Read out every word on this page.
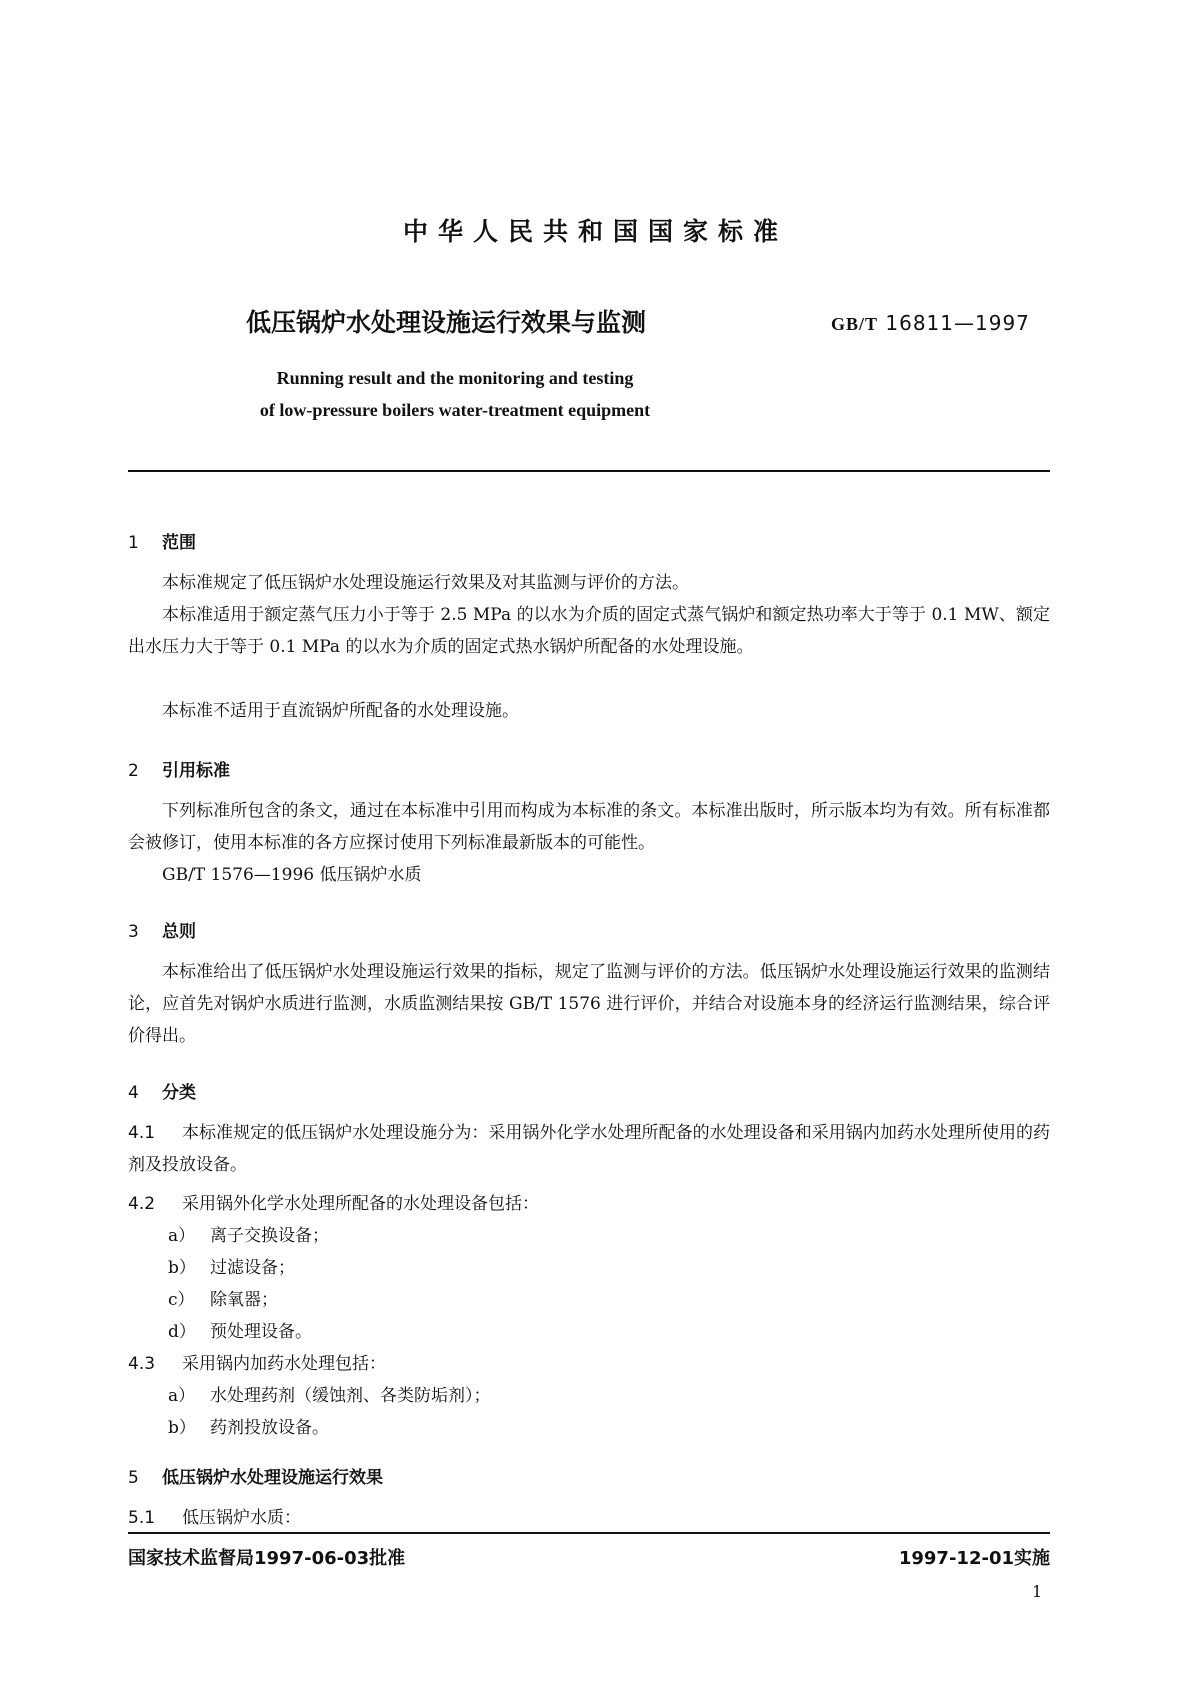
中华人民共和国国家标准
低压锅炉水处理设施运行效果与监测	GB/T 16811—1997
Running result and the monitoring and testing
of low-pressure boilers water-treatment equipment
1 范围
本标准规定了低压锅炉水处理设施运行效果及对其监测与评价的方法。
本标准适用于额定蒸气压力小于等于 2.5 MPa 的以水为介质的固定式蒸气锅炉和额定热功率大于等于 0.1 MW、额定出水压力大于等于 0.1 MPa 的以水为介质的固定式热水锅炉所配备的水处理设施。
本标准不适用于直流锅炉所配备的水处理设施。
2 引用标准
下列标准所包含的条文，通过在本标准中引用而构成为本标准的条文。本标准出版时，所示版本均为有效。所有标准都会被修订，使用本标准的各方应探讨使用下列标准最新版本的可能性。
GB/T 1576—1996 低压锅炉水质
3 总则
本标准给出了低压锅炉水处理设施运行效果的指标，规定了监测与评价的方法。低压锅炉水处理设施运行效果的监测结论，应首先对锅炉水质进行监测，水质监测结果按 GB/T 1576 进行评价，并结合对设施本身的经济运行监测结果，综合评价得出。
4 分类
4.1 本标准规定的低压锅炉水处理设施分为：采用锅外化学水处理所配备的水处理设备和采用锅内加药水处理所使用的药剂及投放设备。
4.2 采用锅外化学水处理所配备的水处理设备包括：
a） 离子交换设备；
b） 过滤设备；
c） 除氧器；
d） 预处理设备。
4.3 采用锅内加药水处理包括：
a） 水处理药剂（缓蚀剂、各类防垢剂）；
b） 药剂投放设备。
5 低压锅炉水处理设施运行效果
5.1 低压锅炉水质：
国家技术监督局1997-06-03批准	1997-12-01实施
1
